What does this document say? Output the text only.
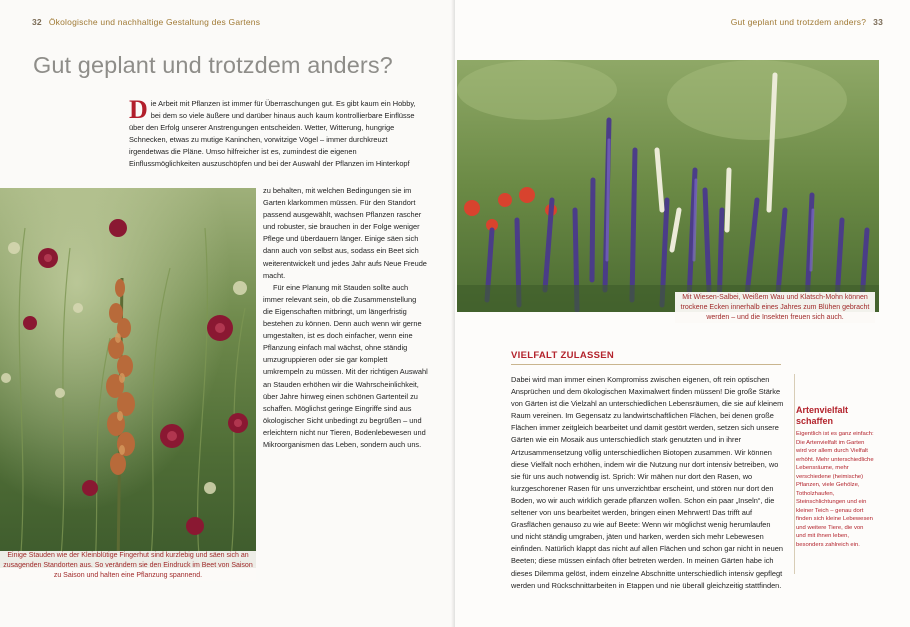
32 Ökologische und nachhaltige Gestaltung des Gartens
Gut geplant und trotzdem anders?
Die Arbeit mit Pflanzen ist immer für Überraschungen gut. Es gibt kaum ein Hobby, bei dem so viele äußere und darüber hinaus auch kaum kontrollierbare Einflüsse über den Erfolg unserer Anstrengungen entscheiden. Wetter, Witterung, hungrige Schnecken, etwas zu mutige Kaninchen, vorwitzige Vögel – immer durchkreuzt irgendetwas die Pläne. Umso hilfreicher ist es, zumindest die eigenen Einflussmöglichkeiten auszuschöpfen und bei der Auswahl der Pflanzen im Hinterkopf

zu behalten, mit welchen Bedingungen sie im Garten klarkommen müssen. Für den Standort passend ausgewählt, wachsen Pflanzen rascher und robuster, sie brauchen in der Folge weniger Pflege und überdauern länger. Einige säen sich dann auch von selbst aus, sodass ein Beet sich weiterentwickelt und jedes Jahr aufs Neue Freude macht.

Für eine Planung mit Stauden sollte auch immer relevant sein, ob die Zusammenstellung die Eigenschaften mitbringt, um längerfristig bestehen zu können. Denn auch wenn wir gerne umgestalten, ist es doch einfacher, wenn eine Pflanzung einfach mal wächst, ohne ständig umzugruppieren oder sie gar komplett umkrempeln zu müssen. Mit der richtigen Auswahl an Stauden erhöhen wir die Wahrscheinlichkeit, über Jahre hinweg einen schönen Gartenteil zu schaffen. Möglichst geringe Eingriffe sind aus ökologischer Sicht unbedingt zu begrüßen – und erleichtern nicht nur Tieren, Bodenlebewesen und Mikroorganismen das Leben, sondern auch uns.

Einige Stauden wie der Kleinblütige Fingerhut sind kurzlebig und säen sich an zusagenden Standorten aus. So verändern sie den Eindruck im Beet von Saison zu Saison und halten eine Pflanzung spannend.
Gut geplant und trotzdem anders? 33
Mit Wiesen-Salbei, Weißem Wau und Klatsch-Mohn können trockene Ecken innerhalb eines Jahres zum Blühen gebracht werden – und die Insekten freuen sich auch.
VIELFALT ZULASSEN
Dabei wird man immer einen Kompromiss zwischen eigenen, oft rein optischen Ansprüchen und dem ökologischen Maximalwert finden müssen! Die große Stärke von Gärten ist die Vielzahl an unterschiedlichen Lebensräumen, die sie auf kleinem Raum vereinen. Im Gegensatz zu landwirtschaftlichen Flächen, bei denen große Flächen immer zeitgleich bearbeitet und damit gestört werden, setzen sich unsere Gärten wie ein Mosaik aus unterschiedlich stark genutzten und in ihrer Artzusammensetzung völlig unterschiedlichen Biotopen zusammen. Wir können diese Vielfalt noch erhöhen, indem wir die Nutzung nur dort intensiv betreiben, wo sie für uns auch notwendig ist. Sprich: Wir mähen nur dort den Rasen, wo kurzgeschorener Rasen für uns unverzichtbar erscheint, und stören nur dort den Boden, wo wir auch wirklich gerade pflanzen wollen. Schon ein paar „Inseln“, die seltener von uns bearbeitet werden, bringen einen Mehrwert! Das trifft auf Grasflächen genauso zu wie auf Beete: Wenn wir möglichst wenig herumlaufen und nicht ständig umgraben, jäten und harken, werden sich mehr Lebewesen einfinden. Natürlich klappt das nicht auf allen Flächen und schon gar nicht in neuen Beeten; diese müssen einfach öfter betreten werden. In meinen Gärten habe ich dieses Dilemma gelöst, indem einzelne Abschnitte unterschiedlich intensiv gepflegt werden und Rückschnittarbeiten in Etappen und nie überall gleichzeitig stattfinden.
Artenvielfalt schaffen
Eigentlich ist es ganz einfach: Die Artenvielfalt im Garten wird vor allem durch Vielfalt erhöht. Mehr unterschiedliche Lebensräume, mehr verschiedene (heimische) Pflanzen, viele Gehölze, Totholzhaufen, Steinschlichtungen und ein kleiner Teich – genau dort finden sich kleine Lebewesen und weitere Tiere, die von und mit ihnen leben, besonders zahlreich ein.
